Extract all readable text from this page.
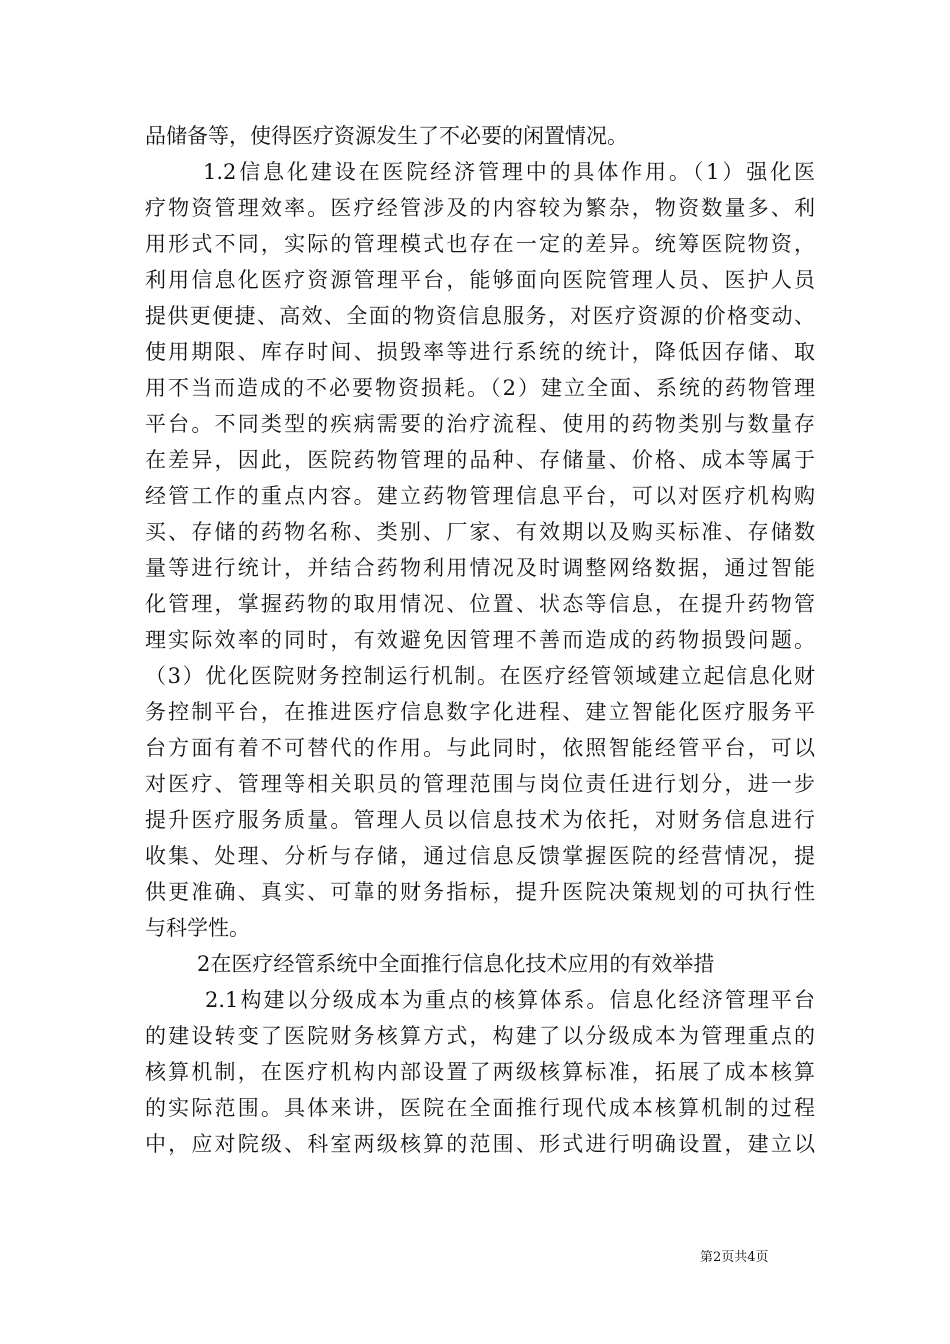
品储备等，使得医疗资源发生了不必要的闲置情况。
1.2信息化建设在医院经济管理中的具体作用。（1）强化医
疗物资管理效率。医疗经管涉及的内容较为繁杂，物资数量多、利
用形式不同，实际的管理模式也存在一定的差异。统筹医院物资，
利用信息化医疗资源管理平台，能够面向医院管理人员、医护人员
提供更便捷、高效、全面的物资信息服务，对医疗资源的价格变动、
使用期限、库存时间、损毁率等进行系统的统计，降低因存储、取
用不当而造成的不必要物资损耗。（2）建立全面、系统的药物管理
平台。不同类型的疾病需要的治疗流程、使用的药物类别与数量存
在差异，因此，医院药物管理的品种、存储量、价格、成本等属于
经管工作的重点内容。建立药物管理信息平台，可以对医疗机构购
买、存储的药物名称、类别、厂家、有效期以及购买标准、存储数
量等进行统计，并结合药物利用情况及时调整网络数据，通过智能
化管理，掌握药物的取用情况、位置、状态等信息，在提升药物管
理实际效率的同时，有效避免因管理不善而造成的药物损毁问题。
（3）优化医院财务控制运行机制。在医疗经管领域建立起信息化财
务控制平台，在推进医疗信息数字化进程、建立智能化医疗服务平
台方面有着不可替代的作用。与此同时，依照智能经管平台，可以
对医疗、管理等相关职员的管理范围与岗位责任进行划分，进一步
提升医疗服务质量。管理人员以信息技术为依托，对财务信息进行
收集、处理、分析与存储，通过信息反馈掌握医院的经营情况，提
供更准确、真实、可靠的财务指标，提升医院决策规划的可执行性
与科学性。
2在医疗经管系统中全面推行信息化技术应用的有效举措
2.1构建以分级成本为重点的核算体系。信息化经济管理平台
的建设转变了医院财务核算方式，构建了以分级成本为管理重点的
核算机制，在医疗机构内部设置了两级核算标准，拓展了成本核算
的实际范围。具体来讲，医院在全面推行现代成本核算机制的过程
中，应对院级、科室两级核算的范围、形式进行明确设置，建立以
第2页共4页
